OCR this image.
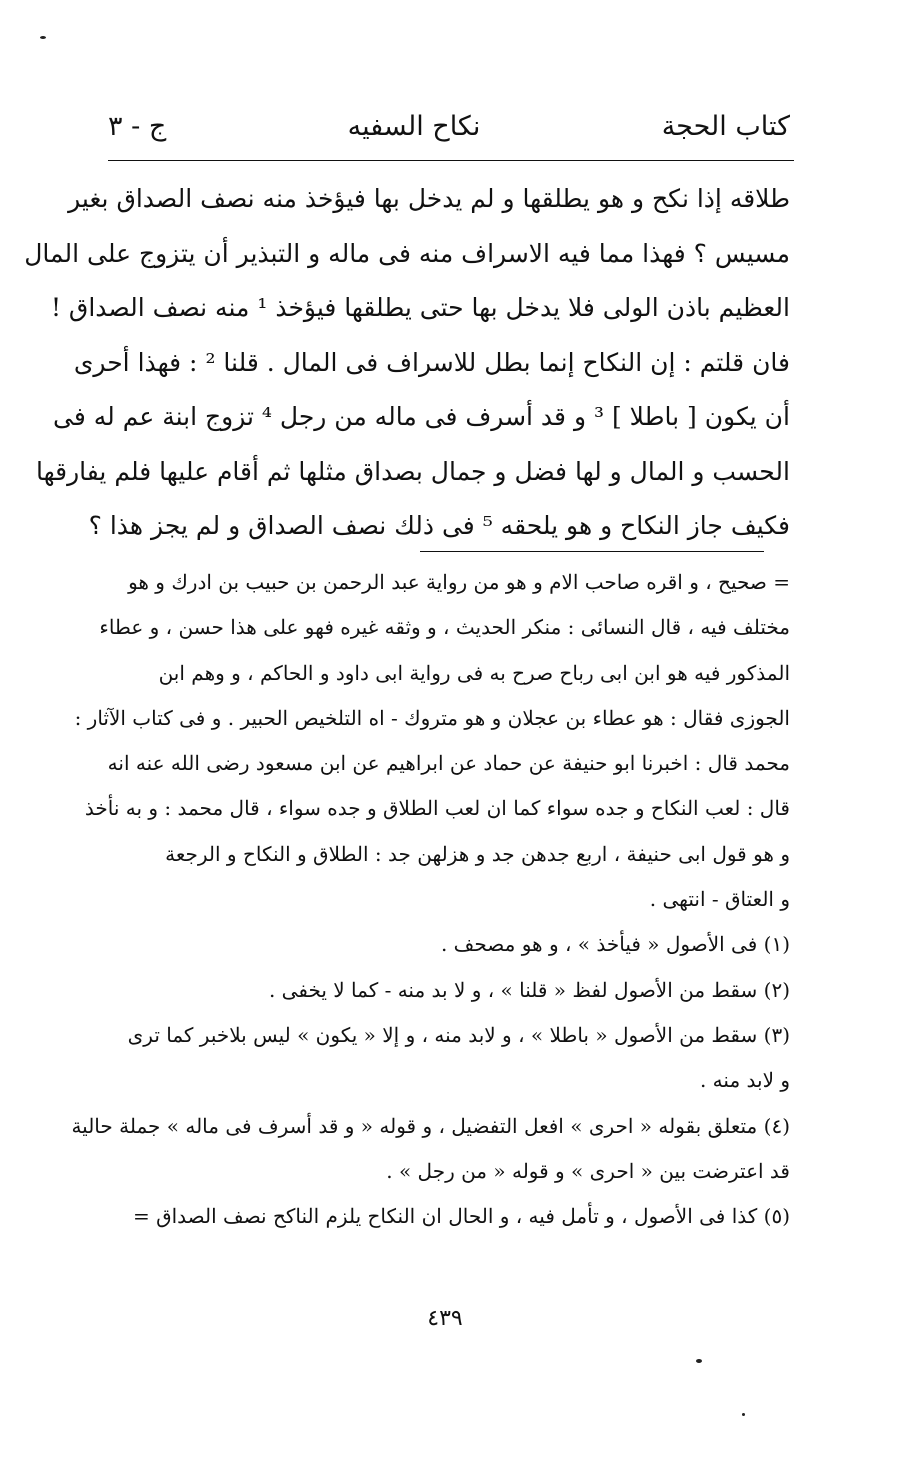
كتاب الحجة
نكاح السفيه
ج - ٣
طلاقه إذا نكح و هو يطلقها و لم يدخل بها فيؤخذ منه نصف الصداق بغير
مسيس ؟ فهذا مما فيه الاسراف منه فى ماله و التبذير أن يتزوج على المال
العظيم باذن الولى فلا يدخل بها حتى يطلقها فيؤخذ ¹ منه نصف الصداق !
فان قلتم : إن النكاح إنما بطل للاسراف فى المال . قلنا ² : فهذا أحرى
أن يكون [ باطلا ] ³ و قد أسرف فى ماله من رجل ⁴ تزوج ابنة عم له فى
الحسب و المال و لها فضل و جمال بصداق مثلها ثم أقام عليها فلم يفارقها
فكيف جاز النكاح و هو يلحقه ⁵ فى ذلك نصف الصداق و لم يجز هذا ؟
= صحيح ، و اقره صاحب الام و هو من رواية عبد الرحمن بن حبيب بن ادرك و هو
مختلف فيه ، قال النسائى : منكر الحديث ، و وثقه غيره فهو على هذا حسن ، و عطاء
المذكور فيه هو ابن ابى رباح صرح به فى رواية ابى داود و الحاكم ، و وهم ابن
الجوزى فقال : هو عطاء بن عجلان و هو متروك - اه التلخيص الحبير . و فى كتاب الآثار :
محمد قال : اخبرنا ابو حنيفة عن حماد عن ابراهيم عن ابن مسعود رضى الله عنه انه
قال : لعب النكاح و جده سواء كما ان لعب الطلاق و جده سواء ، قال محمد : و به نأخذ
و هو قول ابى حنيفة ، اربع جدهن جد و هزلهن جد : الطلاق و النكاح و الرجعة
و العتاق - انتهى .
(١) فى الأصول « فيأخذ » ، و هو مصحف .
(٢) سقط من الأصول لفظ « قلنا » ، و لا بد منه - كما لا يخفى .
(٣) سقط من الأصول « باطلا » ، و لابد منه ، و إلا « يكون » ليس بلاخبر كما ترى
و لابد منه .
(٤) متعلق بقوله « احرى » افعل التفضيل ، و قوله « و قد أسرف فى ماله » جملة حالية
قد اعترضت بين « احرى » و قوله « من رجل » .
(٥) كذا فى الأصول ، و تأمل فيه ، و الحال ان النكاح يلزم الناكح نصف الصداق =
٤٣٩
